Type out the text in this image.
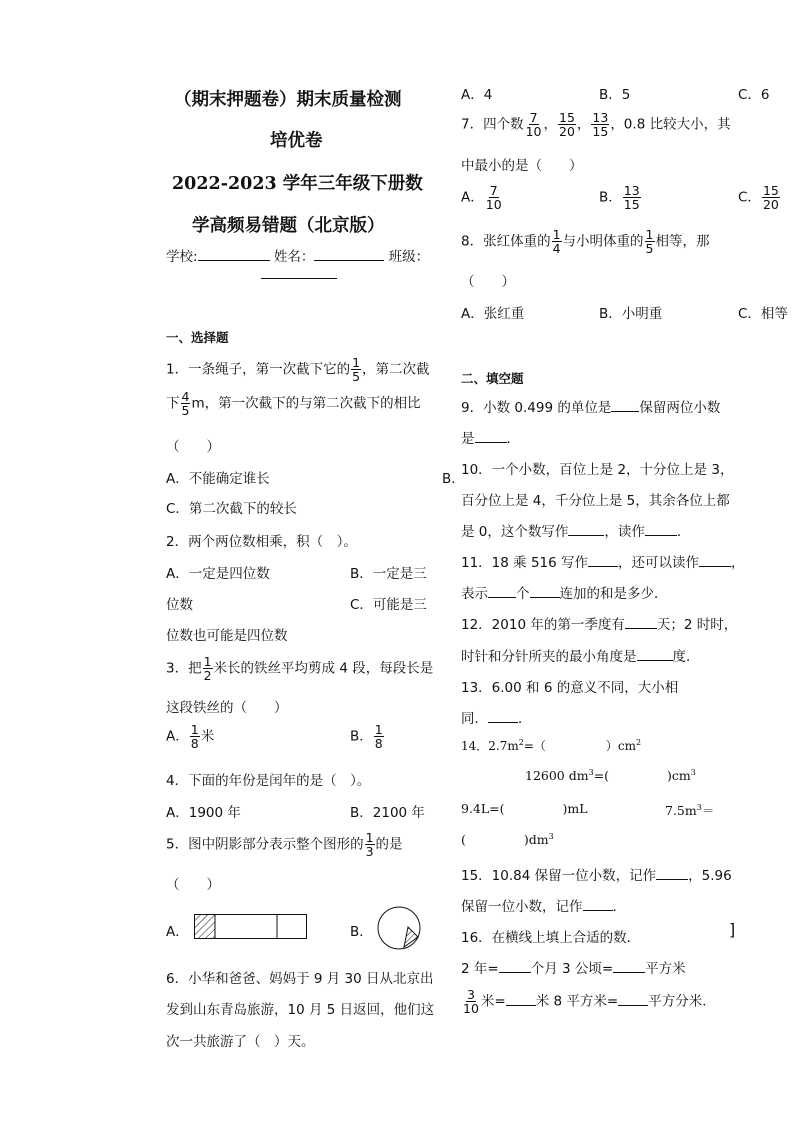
（期末押题卷）期末质量检测
培优卷
2022-2023 学年三年级下册数
学高频易错题（北京版）
学校:	姓名：	班级：
一、选择题
1．一条绳子，第一次截下它的 $\frac{1}{5}$ ，第二次截
下 $\frac{4}{5}$ m，第一次截下的与第二次截下的相比
（　　）
A．不能确定谁长	B．
C．第二次截下的较长
2．两个两位数相乘，积（　）。
A．一定是四位数	B．一定是三
位数	C．可能是三
位数也可能是四位数
3．把 $\frac{1}{2}$ 米长的铁丝平均剪成 4 段，每段长是
这段铁丝的（　　）
A． $\frac{1}{8}$ 米	B． $\frac{1}{8}$
4．下面的年份是闰年的是（　）。
A．1900 年	B．2100 年
5．图中阴影部分表示整个图形的 $\frac{1}{3}$ 的是
（　　）
A．	B．
6．小华和爸爸、妈妈于 9 月 30 日从北京出
发到山东青岛旅游，10 月 5 日返回，他们这
次一共旅游了（　）天。
A．4	B．5	C．6
7．四个数 $\frac{7}{10}$ ， $\frac{15}{20}$ ， $\frac{13}{15}$ ，0.8 比较大小，其
中最小的是（　　）
A． $\frac{7}{10}$	B． $\frac{13}{15}$	C． $\frac{15}{20}$
8．张红体重的 $\frac{1}{4}$ 与小明体重的 $\frac{1}{5}$ 相等，那
（　　）
A．张红重	B．小明重	C．相等
二、填空题
9．小数 0.499 的单位是 保留两位小数
是 ．
10．一个小数，百位上是 2，十分位上是 3，
百分位上是 4，千分位上是 5，其余各位上都
是 0，这个数写作	，读作 ．
11．18 乘 516 写作 ，还可以读作 ，
表示 个 连加的和是多少．
12．2010 年的第一季度有 天；2 时时，
时针和分针所夹的最小角度是	度．
13．6.00 和 6 的意义不同，大小相
同． ．
14．$2.7m^2=$（	）$cm^2$
12600 $dm^3=$(	)$cm^3$
9.4L=(	)mL	$7.5m^3=$
(	)$dm^3$
15．10.84 保留一位小数，记作 ，5.96
保留一位小数，记作 ．
16．在横线上填上合适的数．	]
2 年= 个月 3 公顷= 平方米
$\frac{3}{10}$ 米= 米 8 平方米= 平方分米．
